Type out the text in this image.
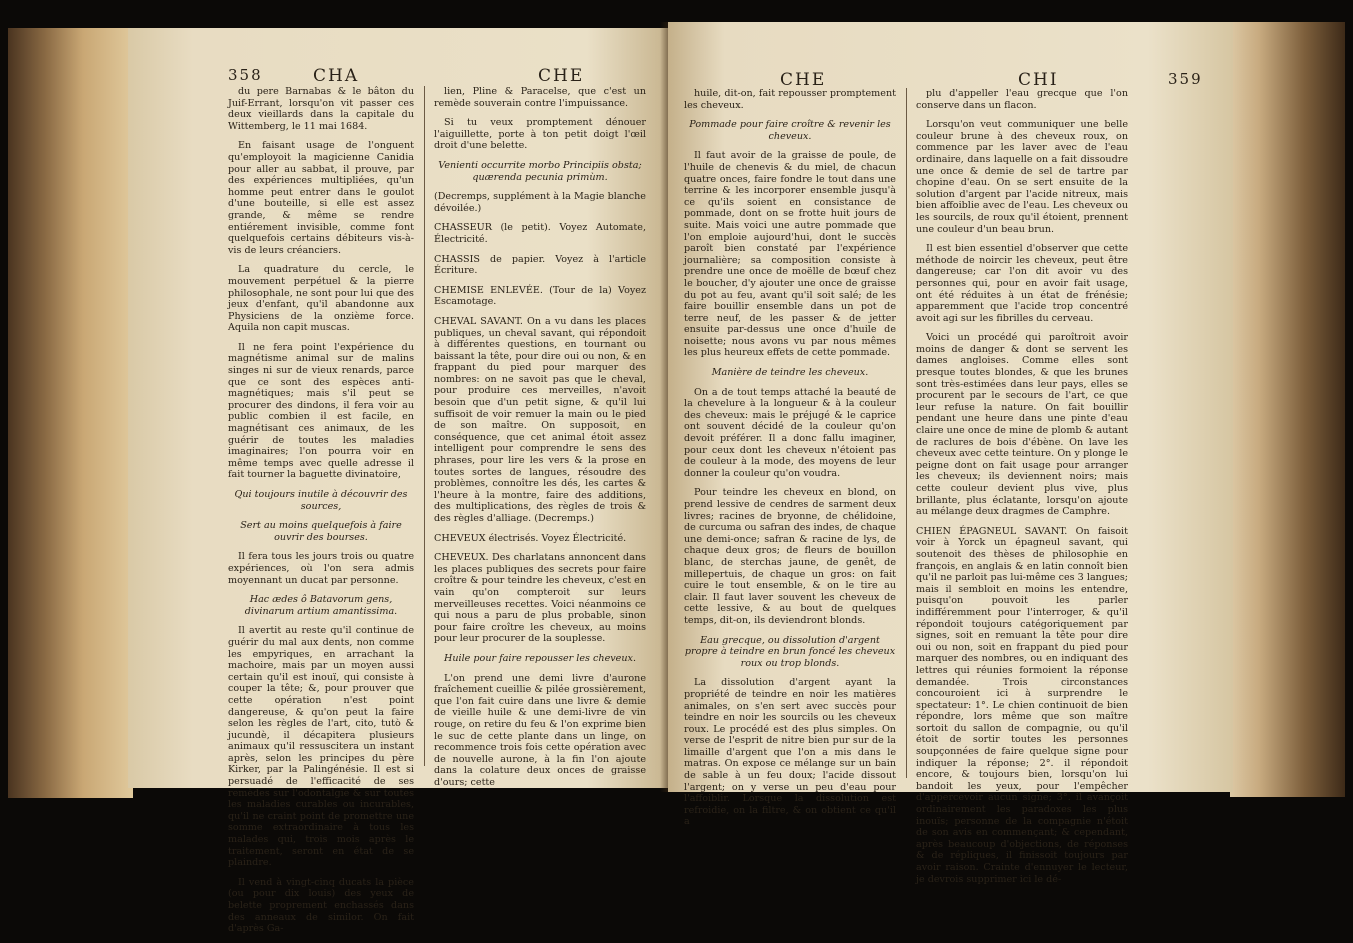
358	CHA	CHE

du pere Barnabas & le bâton du Juif-Errant, lorsqu'on vit passer ces deux vieillards dans la capitale du Wittemberg, le 11 mai 1684.

En faisant usage de l'onguent qu'employoit la magicienne Canidia pour aller au sabbat, il prouve, par des expériences multipliées, qu'un homme peut entrer dans le goulot d'une bouteille, si elle est assez grande, & même se rendre entiérement invisible, comme font quelquefois certains débiteurs vis-à-vis de leurs créanciers.

La quadrature du cercle, le mouvement perpétuel & la pierre philosophale, ne sont pour lui que des jeux d'enfant, qu'il abandonne aux Physiciens de la onzième force. Aquila non capit muscas.

Il ne fera point l'expérience du magnétisme animal sur de malins singes ni sur de vieux renards, parce que ce sont des espèces anti-magnétiques; mais s'il peut se procurer des dindons, il fera voir au public combien il est facile, en magnétisant ces animaux, de les guérir de toutes les maladies imaginaires; l'on pourra voir en même temps avec quelle adresse il fait tourner la baguette divinatoire,

Qui toujours inutile à découvrir des sources,

Sert au moins quelquefois à faire ouvrir des bourses.

Il fera tous les jours trois ou quatre expériences, où l'on sera admis moyennant un ducat par personne.

Hac ædes ô Batavorum gens, divinarum artium amantissima.

Il avertit au reste qu'il continue de guérir du mal aux dents, non comme les empyriques, en arrachant la machoire, mais par un moyen aussi certain qu'il est inouï, qui consiste à couper la tête; &, pour prouver que cette opération n'est point dangereuse, & qu'on peut la faire selon les règles de l'art, cito, tutò & jucundè, il décapitera plusieurs animaux qu'il ressuscitera un instant après, selon les principes du père Kirker, par la Palingénésie. Il est si persuadé de l'efficacité de ses remèdes sur l'odontalgie & sur toutes les maladies curables ou incurables, qu'il ne craint point de promettre une somme extraordinaire à tous les malades qui, trois mois après le traitement, seront en état de se plaindre.

Il vend à vingt-cinq ducats la pièce (ou pour dix louis) des yeux de belette proprement enchassés dans des anneaux de similor. On fait d'après Ga-

lien, Pline & Paracelse, que c'est un remède souverain contre l'impuissance.

Si tu veux promptement dénouer l'aiguillette, porte à ton petit doigt l'œil droit d'une belette.

Venienti occurrite morbo Principiis obsta; quærenda pecunia primùm.

(Decremps, supplément à la Magie blanche dévoilée.)

CHASSEUR (le petit). Voyez Automate, Électricité.

CHASSIS de papier. Voyez à l'article Écriture.

CHEMISE ENLEVÉE. (Tour de la) Voyez Escamotage.

CHEVAL SAVANT. On a vu dans les places publiques, un cheval savant, qui répondoit à différentes questions, en tournant ou baissant la tête, pour dire oui ou non, & en frappant du pied pour marquer des nombres: on ne savoit pas que le cheval, pour produire ces merveilles, n'avoit besoin que d'un petit signe, & qu'il lui suffisoit de voir remuer la main ou le pied de son maître. On supposoit, en conséquence, que cet animal étoit assez intelligent pour comprendre le sens des phrases, pour lire les vers & la prose en toutes sortes de langues, résoudre des problèmes, connoître les dés, les cartes & l'heure à la montre, faire des additions, des multiplications, des règles de trois & des règles d'alliage. (Decremps.)

CHEVEUX électrisés. Voyez Électricité.

CHEVEUX. Des charlatans annoncent dans les places publiques des secrets pour faire croître & pour teindre les cheveux, c'est en vain qu'on compteroit sur leurs merveilleuses recettes. Voici néanmoins ce qui nous a paru de plus probable, sinon pour faire croître les cheveux, au moins pour leur procurer de la souplesse.

Huile pour faire repousser les cheveux.

L'on prend une demi livre d'aurone fraîchement cueillie & pilée grossièrement, que l'on fait cuire dans une livre & demie de vieille huile & une demi-livre de vin rouge, on retire du feu & l'on exprime bien le suc de cette plante dans un linge, on recommence trois fois cette opération avec de nouvelle aurone, à la fin l'on ajoute dans la colature deux onces de graisse d'ours; cette

CHE	CHI	359

huile, dit-on, fait repousser promptement les cheveux.

Pommade pour faire croître & revenir les cheveux.

Il faut avoir de la graisse de poule, de l'huile de chenevis & du miel, de chacun quatre onces, faire fondre le tout dans une terrine & les incorporer ensemble jusqu'à ce qu'ils soient en consistance de pommade, dont on se frotte huit jours de suite. Mais voici une autre pommade que l'on emploie aujourd'hui, dont le succès paroît bien constaté par l'expérience journalière; sa composition consiste à prendre une once de moëlle de bœuf chez le boucher, d'y ajouter une once de graisse du pot au feu, avant qu'il soit salé; de les faire bouillir ensemble dans un pot de terre neuf, de les passer & de jetter ensuite par-dessus une once d'huile de noisette; nous avons vu par nous mêmes les plus heureux effets de cette pommade.

Manière de teindre les cheveux.

On a de tout temps attaché la beauté de la chevelure à la longueur & à la couleur des cheveux: mais le préjugé & le caprice ont souvent décidé de la couleur qu'on devoit préférer. Il a donc fallu imaginer, pour ceux dont les cheveux n'étoient pas de couleur à la mode, des moyens de leur donner la couleur qu'on voudra.

Pour teindre les cheveux en blond, on prend lessive de cendres de sarment deux livres; racines de bryonne, de chélidoine, de curcuma ou safran des indes, de chaque une demi-once; safran & racine de lys, de chaque deux gros; de fleurs de bouillon blanc, de sterchas jaune, de genêt, de millepertuis, de chaque un gros: on fait cuire le tout ensemble, & on le tire au clair. Il faut laver souvent les cheveux de cette lessive, & au bout de quelques temps, dit-on, ils deviendront blonds.

Eau grecque, ou dissolution d'argent propre à teindre en brun foncé les cheveux roux ou trop blonds.

La dissolution d'argent ayant la propriété de teindre en noir les matières animales, on s'en sert avec succès pour teindre en noir les sourcils ou les cheveux roux. Le procédé est des plus simples. On verse de l'esprit de nitre bien pur sur de la limaille d'argent que l'on a mis dans le matras. On expose ce mélange sur un bain de sable à un feu doux; l'acide dissout l'argent; on y verse un peu d'eau pour l'affoiblir. Lorsque la dissolution est refroidie, on la filtre, & on obtient ce qu'il a

plu d'appeller l'eau grecque que l'on conserve dans un flacon.

Lorsqu'on veut communiquer une belle couleur brune à des cheveux roux, on commence par les laver avec de l'eau ordinaire, dans laquelle on a fait dissoudre une once & demie de sel de tartre par chopine d'eau. On se sert ensuite de la solution d'argent par l'acide nitreux, mais bien affoiblie avec de l'eau. Les cheveux ou les sourcils, de roux qu'il étoient, prennent une couleur d'un beau brun.

Il est bien essentiel d'observer que cette méthode de noircir les cheveux, peut être dangereuse; car l'on dit avoir vu des personnes qui, pour en avoir fait usage, ont été réduites à un état de frénésie; apparemment que l'acide trop concentré avoit agi sur les fibrilles du cerveau.

Voici un procédé qui paroîtroit avoir moins de danger & dont se servent les dames angloises. Comme elles sont presque toutes blondes, & que les brunes sont très-estimées dans leur pays, elles se procurent par le secours de l'art, ce que leur refuse la nature. On fait bouillir pendant une heure dans une pinte d'eau claire une once de mine de plomb & autant de raclures de bois d'ébène. On lave les cheveux avec cette teinture. On y plonge le peigne dont on fait usage pour arranger les cheveux; ils deviennent noirs; mais cette couleur devient plus vive, plus brillante, plus éclatante, lorsqu'on ajoute au mélange deux dragmes de Camphre.

CHIEN ÉPAGNEUL SAVANT. On faisoit voir à Yorck un épagneul savant, qui soutenoit des thèses de philosophie en françois, en anglais & en latin connoît bien qu'il ne parloit pas lui-même ces 3 langues; mais il sembloit en moins les entendre, puisqu'on pouvoit les parler indifféremment pour l'interroger, & qu'il répondoit toujours catégoriquement par signes, soit en remuant la tête pour dire oui ou non, soit en frappant du pied pour marquer des nombres, ou en indiquant des lettres qui réunies formoient la réponse demandée. Trois circonstances concouroient ici à surprendre le spectateur: 1°. Le chien continuoit de bien répondre, lors même que son maître sortoit du sallon de compagnie, ou qu'il étoit de sortir toutes les personnes soupçonnées de faire quelque signe pour indiquer la réponse; 2°. il répondoit encore, & toujours bien, lorsqu'on lui bandoit les yeux, pour l'empêcher d'appercevoir aucun signe; 3°. il avançoit ordinairement les paradoxes les plus inouïs; personne de la compagnie n'étoit de son avis en commençant; & cependant, après beaucoup d'objections, de réponses & de répliques, il finissoit toujours par avoir raison. Crainte d'ennuyer le lecteur, je devrois supprimer ici le dé-
